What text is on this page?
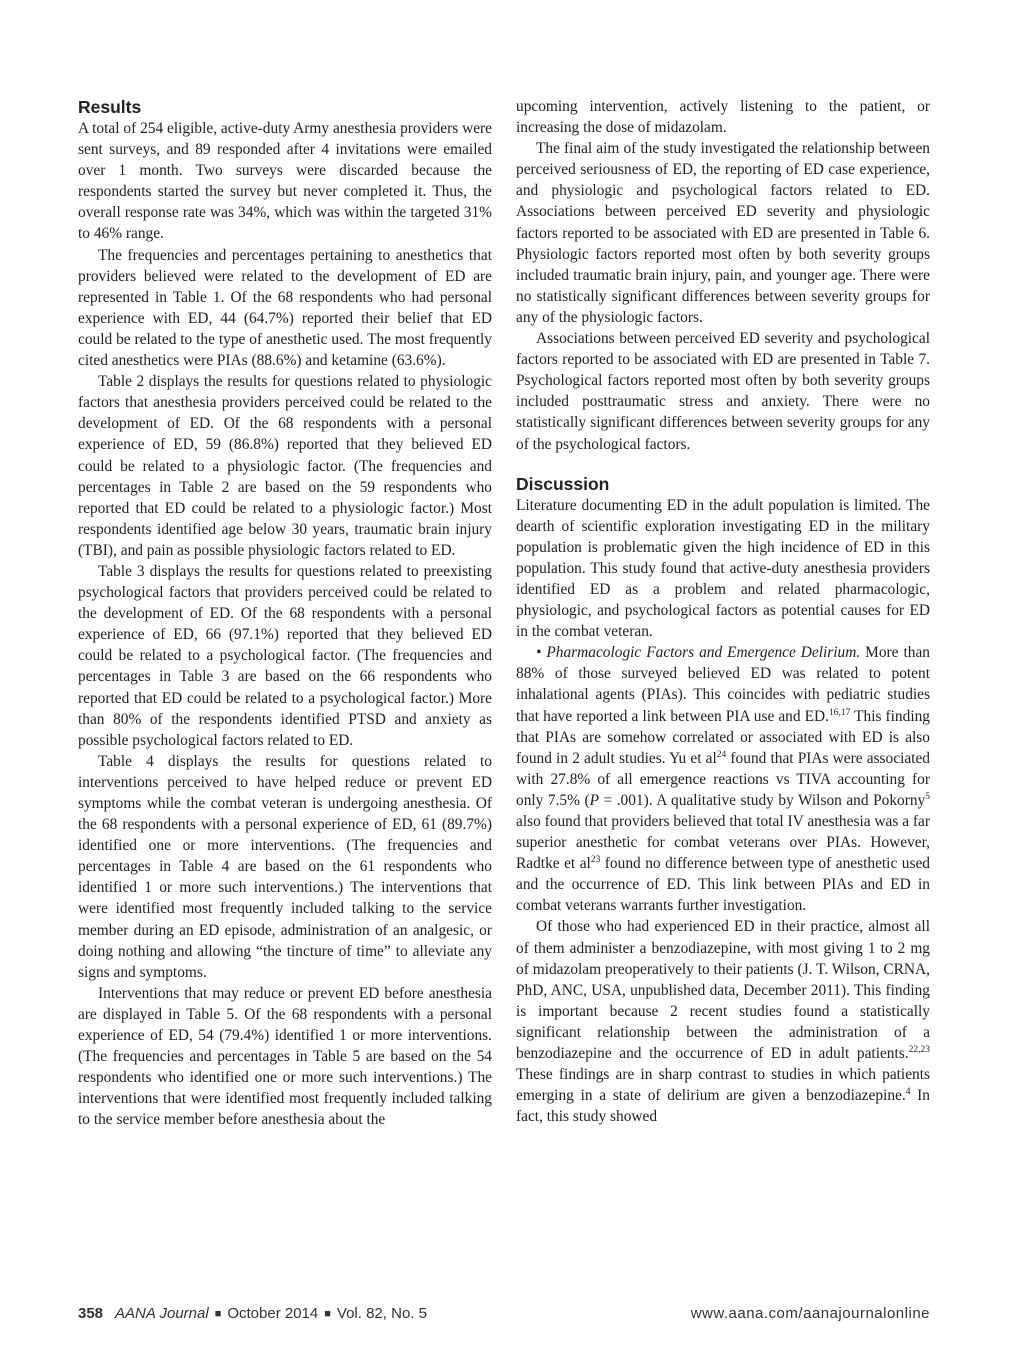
Results

A total of 254 eligible, active-duty Army anesthesia providers were sent surveys, and 89 responded after 4 invitations were emailed over 1 month. Two surveys were discarded because the respondents started the survey but never completed it. Thus, the overall response rate was 34%, which was within the targeted 31% to 46% range.

The frequencies and percentages pertaining to anesthetics that providers believed were related to the development of ED are represented in Table 1. Of the 68 respondents who had personal experience with ED, 44 (64.7%) reported their belief that ED could be related to the type of anesthetic used. The most frequently cited anesthetics were PIAs (88.6%) and ketamine (63.6%).

Table 2 displays the results for questions related to physiologic factors that anesthesia providers perceived could be related to the development of ED. Of the 68 respondents with a personal experience of ED, 59 (86.8%) reported that they believed ED could be related to a physiologic factor. (The frequencies and percentages in Table 2 are based on the 59 respondents who reported that ED could be related to a physiologic factor.) Most respondents identified age below 30 years, traumatic brain injury (TBI), and pain as possible physiologic factors related to ED.

Table 3 displays the results for questions related to preexisting psychological factors that providers perceived could be related to the development of ED. Of the 68 respondents with a personal experience of ED, 66 (97.1%) reported that they believed ED could be related to a psychological factor. (The frequencies and percentages in Table 3 are based on the 66 respondents who reported that ED could be related to a psychological factor.) More than 80% of the respondents identified PTSD and anxiety as possible psychological factors related to ED.

Table 4 displays the results for questions related to interventions perceived to have helped reduce or prevent ED symptoms while the combat veteran is undergoing anesthesia. Of the 68 respondents with a personal experience of ED, 61 (89.7%) identified one or more interventions. (The frequencies and percentages in Table 4 are based on the 61 respondents who identified 1 or more such interventions.) The interventions that were identified most frequently included talking to the service member during an ED episode, administration of an analgesic, or doing nothing and allowing “the tincture of time” to alleviate any signs and symptoms.

Interventions that may reduce or prevent ED before anesthesia are displayed in Table 5. Of the 68 respondents with a personal experience of ED, 54 (79.4%) identified 1 or more interventions. (The frequencies and percentages in Table 5 are based on the 54 respondents who identified one or more such interventions.) The interventions that were identified most frequently included talking to the service member before anesthesia about the

upcoming intervention, actively listening to the patient, or increasing the dose of midazolam.

The final aim of the study investigated the relationship between perceived seriousness of ED, the reporting of ED case experience, and physiologic and psychological factors related to ED. Associations between perceived ED severity and physiologic factors reported to be associated with ED are presented in Table 6. Physiologic factors reported most often by both severity groups included traumatic brain injury, pain, and younger age. There were no statistically significant differences between severity groups for any of the physiologic factors.

Associations between perceived ED severity and psychological factors reported to be associated with ED are presented in Table 7. Psychological factors reported most often by both severity groups included posttraumatic stress and anxiety. There were no statistically significant differences between severity groups for any of the psychological factors.

Discussion

Literature documenting ED in the adult population is limited. The dearth of scientific exploration investigating ED in the military population is problematic given the high incidence of ED in this population. This study found that active-duty anesthesia providers identified ED as a problem and related pharmacologic, physiologic, and psychological factors as potential causes for ED in the combat veteran.

• Pharmacologic Factors and Emergence Delirium. More than 88% of those surveyed believed ED was related to potent inhalational agents (PIAs). This coincides with pediatric studies that have reported a link between PIA use and ED.$^{16,17}$ This finding that PIAs are somehow correlated or associated with ED is also found in 2 adult studies. Yu et $al^{24}$ found that PIAs were associated with 27.8% of all emergence reactions vs TIVA accounting for only 7.5% (P = .001). A qualitative study by Wilson and Pokorny$^5$ also found that providers believed that total IV anesthesia was a far superior anesthetic for combat veterans over PIAs. However, Radtke et $al^{23}$ found no difference between type of anesthetic used and the occurrence of ED. This link between PIAs and ED in combat veterans warrants further investigation.

Of those who had experienced ED in their practice, almost all of them administer a benzodiazepine, with most giving 1 to 2 mg of midazolam preoperatively to their patients (J. T. Wilson, CRNA, PhD, ANC, USA, unpublished data, December 2011). This finding is important because 2 recent studies found a statistically significant relationship between the administration of a benzodiazepine and the occurrence of ED in adult patients.$^{22,23}$ These findings are in sharp contrast to studies in which patients emerging in a state of delirium are given a benzodiazepine.$^4$ In fact, this study showed

358 AANA Journal ■ October 2014 ■ Vol. 82, No. 5	www.aana.com/aanajournalonline
